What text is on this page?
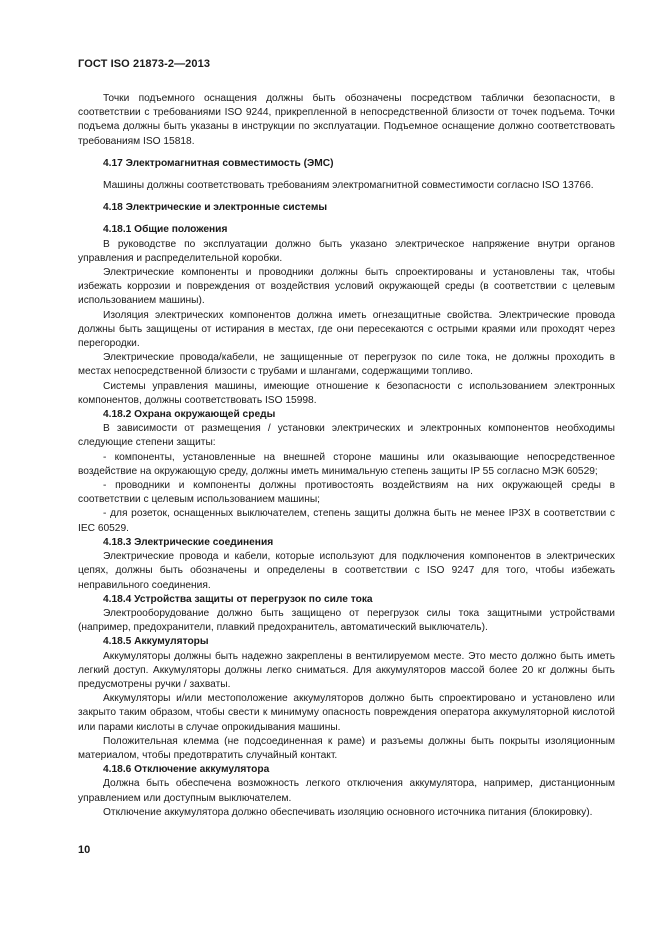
ГОСТ ISO 21873-2—2013

Точки подъемного оснащения должны быть обозначены посредством таблички безопасности, в соответствии с требованиями ISO 9244, прикрепленной в непосредственной близости от точек подъема. Точки подъема должны быть указаны в инструкции по эксплуатации. Подъемное оснащение должно соответствовать требованиям ISO 15818.

4.17 Электромагнитная совместимость (ЭМС)

Машины должны соответствовать требованиям электромагнитной совместимости согласно ISO 13766.

4.18 Электрические и электронные системы
4.18.1 Общие положения

В руководстве по эксплуатации должно быть указано электрическое напряжение внутри органов управления и распределительной коробки.

Электрические компоненты и проводники должны быть спроектированы и установлены так, чтобы избежать коррозии и повреждения от воздействия условий окружающей среды (в соответствии с целевым использованием машины).

Изоляция электрических компонентов должна иметь огнезащитные свойства. Электрические провода должны быть защищены от истирания в местах, где они пересекаются с острыми краями или проходят через перегородки.

Электрические провода/кабели, не защищенные от перегрузок по силе тока, не должны проходить в местах непосредственной близости с трубами и шлангами, содержащими топливо.

Системы управления машины, имеющие отношение к безопасности с использованием электронных компонентов, должны соответствовать ISO 15998.

4.18.2 Охрана окружающей среды

В зависимости от размещения / установки электрических и электронных компонентов необходимы следующие степени защиты:

- компоненты, установленные на внешней стороне машины или оказывающие непосредственное воздействие на окружающую среду, должны иметь минимальную степень защиты IP 55 согласно МЭК 60529;

- проводники и компоненты должны противостоять воздействиям на них окружающей среды в соответствии с целевым использованием машины;

- для розеток, оснащенных выключателем, степень защиты должна быть не менее IP3X в соответствии с IEC 60529.

4.18.3 Электрические соединения

Электрические провода и кабели, которые используют для подключения компонентов в электрических цепях, должны быть обозначены и определены в соответствии с ISO 9247 для того, чтобы избежать неправильного соединения.

4.18.4 Устройства защиты от перегрузок по силе тока

Электрооборудование должно быть защищено от перегрузок силы тока защитными устройствами (например, предохранители, плавкий предохранитель, автоматический выключатель).

4.18.5 Аккумуляторы

Аккумуляторы должны быть надежно закреплены в вентилируемом месте. Это место должно быть иметь легкий доступ. Аккумуляторы должны легко сниматься. Для аккумуляторов массой более 20 кг должны быть предусмотрены ручки / захваты.

Аккумуляторы и/или местоположение аккумуляторов должно быть спроектировано и установлено или закрыто таким образом, чтобы свести к минимуму опасность повреждения оператора аккумуляторной кислотой или парами кислоты в случае опрокидывания машины.

Положительная клемма (не подсоединенная к раме) и разъемы должны быть покрыты изоляционным материалом, чтобы предотвратить случайный контакт.

4.18.6 Отключение аккумулятора

Должна быть обеспечена возможность легкого отключения аккумулятора, например, дистанционным управлением или доступным выключателем.

Отключение аккумулятора должно обеспечивать изоляцию основного источника питания (блокировку).

10
